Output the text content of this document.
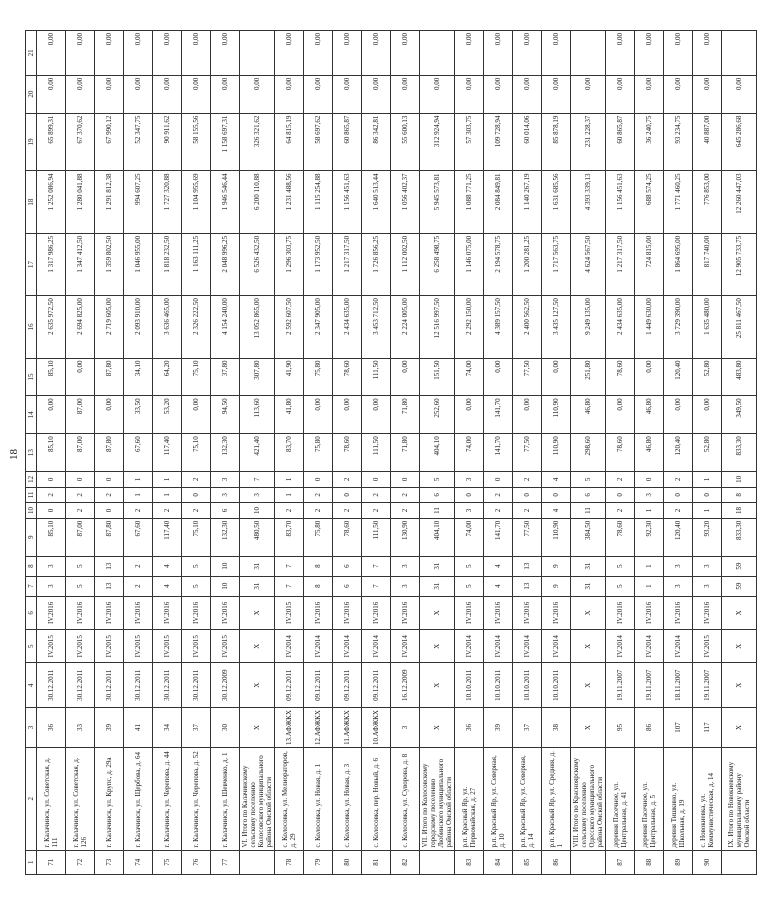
18
1	2	3	4	5	6	7	8	9	10	11	12	13	14	15	16	17	18	19	20	21
71	г. Калачинск, ул. Советская, д. 111	36	30.12.2011	IV.2015	IV.2016	3	3	85,10	0	2	0	85,10	0,00	85,10	2 635 972,50	1 317 986,25	1 252 086,94	65 899,31	0,00	0,00
72	г. Калачинск, ул. Советская, д. 126	33	30.12.2011	IV.2015	IV.2016	5	5	87,00	2	2	0	87,00	87,00	0,00	2 694 825,00	1 347 412,50	1 280 041,88	67 370,62	0,00	0,00
73	г. Калачинск, ул. Крупс, д. 29а	39	30.12.2011	IV.2015	IV.2016	13	13	87,80	0	2	0	87,80	0,00	87,80	2 719 605,00	1 359 802,50	1 291 812,38	67 990,12	0,00	0,00
74	г. Калачинск, ул. Щербова, д. 64	41	30.12.2011	IV.2015	IV.2016	2	2	67,60	2	1	1	67,60	33,50	34,10	2 093 910,00	1 046 955,00	994 607,25	52 347,75	0,00	0,00
75	г. Калачинск, ул. Черепова, д. 44	34	30.12.2011	IV.2015	IV.2016	4	4	117,40	2	1	1	117,40	53,20	64,20	3 636 465,00	1 818 232,50	1 727 320,88	90 911,62	0,00	0,00
76	г. Калачинск, ул. Черепова, д. 52	37	30.12.2011	IV.2015	IV.2016	5	5	75,10	2	0	2	75,10	0,00	75,10	2 326 222,50	1 163 111,25	1 104 955,69	58 155,56	0,00	0,00
77	г. Калачинск, ул. Шевченко, д. 1	30	30.12.2009	IV.2015	IV.2016	10	10	132,30	6	3	3	132,30	94,50	37,80	4 154 240,00	2 048 996,25	1 946 546,44	1 158 697,31	0,00	0,00
	VI. Итого по Калачинскому сельскому поселению Колосовского муниципального района Омской области	X	X	X	X	31	31	480,50	10	3	7	421,40	113,60	307,80	13 052 865,00	6 526 432,50	6 200 110,88	326 321,62	0,00	
78	с. Колосовка, ул. Мелиораторов, д. 29	13.АФЖКХ	09.12.2011	IV.2014	IV.2015	7	7	83,70	2	1	1	83,70	41,80	41,90	2 592 607,50	1 296 303,75	1 231 488,56	64 815,19	0,00	0,00
79	с. Колосовка, ул. Новая, д. 1	12.АФЖКХ	09.12.2011	IV.2014	IV.2016	8	8	75,80	2	2	0	75,80	0,00	75,80	2 347 905,00	1 173 952,50	1 115 254,88	58 697,62	0,00	0,00
80	с. Колосовка, ул. Новая, д. 3	11.АФЖКХ	09.12.2011	IV.2014	IV.2016	6	6	78,60	2	0	2	78,60	0,00	78,60	2 434 635,00	1 217 317,50	1 156 451,63	60 865,87	0,00	0,00
81	с. Колосовка, пер. Новый, д. 6	10.АФЖКХ	09.12.2011	IV.2014	IV.2016	7	7	111,50	2	2	0	111,50	0,00	111,50	3 453 712,50	1 726 856,25	1 640 513,44	86 342,81	0,00	0,00
82	с. Колосовка, ул. Суворова, д. 8	3	16.12.2009	IV.2014	IV.2016	3	3	130,90	2	2	0	71,80	71,80	0,00	2 224 005,00	1 112 002,50	1 056 402,37	55 600,13	0,00	0,00
	VII. Итого по Колосовскому городскому поселению Любинского муниципального района Омской области	X	X	X	X	31	31	404,10	11	6	5	404,10	252,60	151,50	12 516 997,50	6 258 498,75	5 945 573,81	312 924,94	0,00	
83	р.п. Красный Яр, ул. Первомайская, д. 27	36	10.10.2011	IV.2014	IV.2016	5	5	74,00	3	0	3	74,00	0,00	74,00	2 292 150,00	1 146 075,00	1 088 771,25	57 303,75	0,00	0,00
84	р.п. Красный Яр, ул. Северная, д. 10	39	10.10.2011	IV.2014	IV.2016	4	4	141,70	2	2	0	141,70	141,70	0,00	4 389 157,50	2 194 578,75	2 084 849,81	109 728,94	0,00	0,00
85	р.п. Красный Яр, ул. Северная, д. 14	37	10.10.2011	IV.2014	IV.2016	13	13	77,50	2	0	2	77,50	0,00	77,50	2 400 562,50	1 200 281,25	1 140 267,19	60 014,06	0,00	0,00
86	р.п. Красный Яр, ул. Средняя, д. 1	38	10.10.2011	IV.2014	IV.2016	9	9	110,90	4	0	4	110,90	110,90	0,00	3 435 127,50	1 717 563,75	1 631 685,56	85 878,19	0,00	0,00
	VIII. Итого по Красноярскому сельскому поселению Одесского муниципального района Омской области	X	X	X	X	31	31	384,50	11	6	5	298,60	46,80	251,80	9 249 135,00	4 624 567,50	4 393 339,13	231 228,37	0,00	
87	деревня Пасечное, ул. Центральная, д. 41	95	19.11.2007	IV.2014	IV.2016	5	5	78,60	2	0	2	78,60	0,00	78,60	2 434 635,00	1 217 317,50	1 156 451,63	60 865,87	0,00	0,00
88	деревня Пасечное, ул. Центральная, д. 5	86	19.11.2007	IV.2014	IV.2016	1	1	92,30	1	3	0	46,80	46,80	0,00	1 449 630,00	724 815,00	688 574,25	36 240,75	0,00	0,00
89	деревня Тишкино, ул. Школьная, д. 19	107	18.11.2007	IV.2014	IV.2016	3	3	120,40	2	0	2	120,40	0,00	120,40	3 729 390,00	1 864 695,00	1 771 460,25	93 234,75	0,00	0,00
90	с. Новокиевка, ул. Коммунистическая, д. 14	117	19.11.2007	IV.2015	IV.2016	3	3	93,20	1	0	1	52,80	0,00	52,80	1 635 480,00	817 740,00	776 853,00	40 887,00	0,00	0,00
	IX. Итого по Новокиевскому муниципальному району Омской области	X	X	X	X	59	59	833,30	18	8	10	833,30	349,50	483,80	25 811 467,50	12 905 733,75	12 260 447,03	645 286,68	0,00	
